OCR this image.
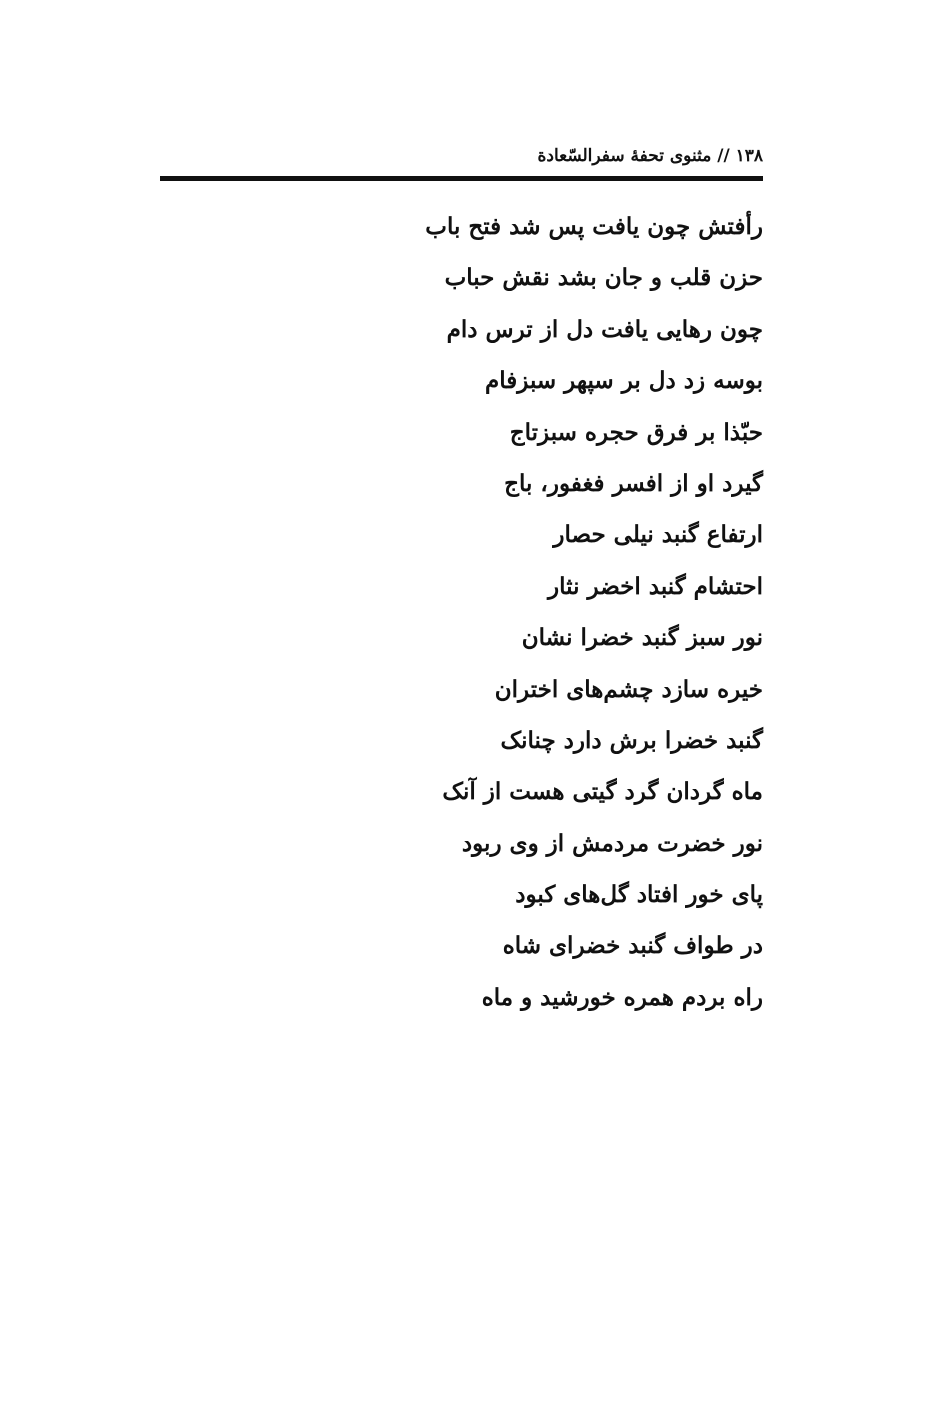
۱۳۸ // مثنوی تحفهٔ سفرالسّعادة
رأفتش چون یافت پس شد فتح باب
حزن قلب و جان بشد نقش حباب
چون رهایی یافت دل از ترس دام
بوسه زد دل بر سپهر سبزفام
حبّذا بر فرق حجره سبزتاج
گیرد او از افسر فغفور، باج
ارتفاع گنبد نیلی حصار
احتشام گنبد اخضر نثار
نور سبز گنبد خضرا نشان
خیره سازد چشم‌های اختران
گنبد خضرا برش دارد چنانک
ماه گردان گرد گیتی هست از آنک
نور خضرت مردمش از وی ربود
پای خور افتاد گل‌های کبود
در طواف گنبد خضرای شاه
راه بردم همره خورشید و ماه
